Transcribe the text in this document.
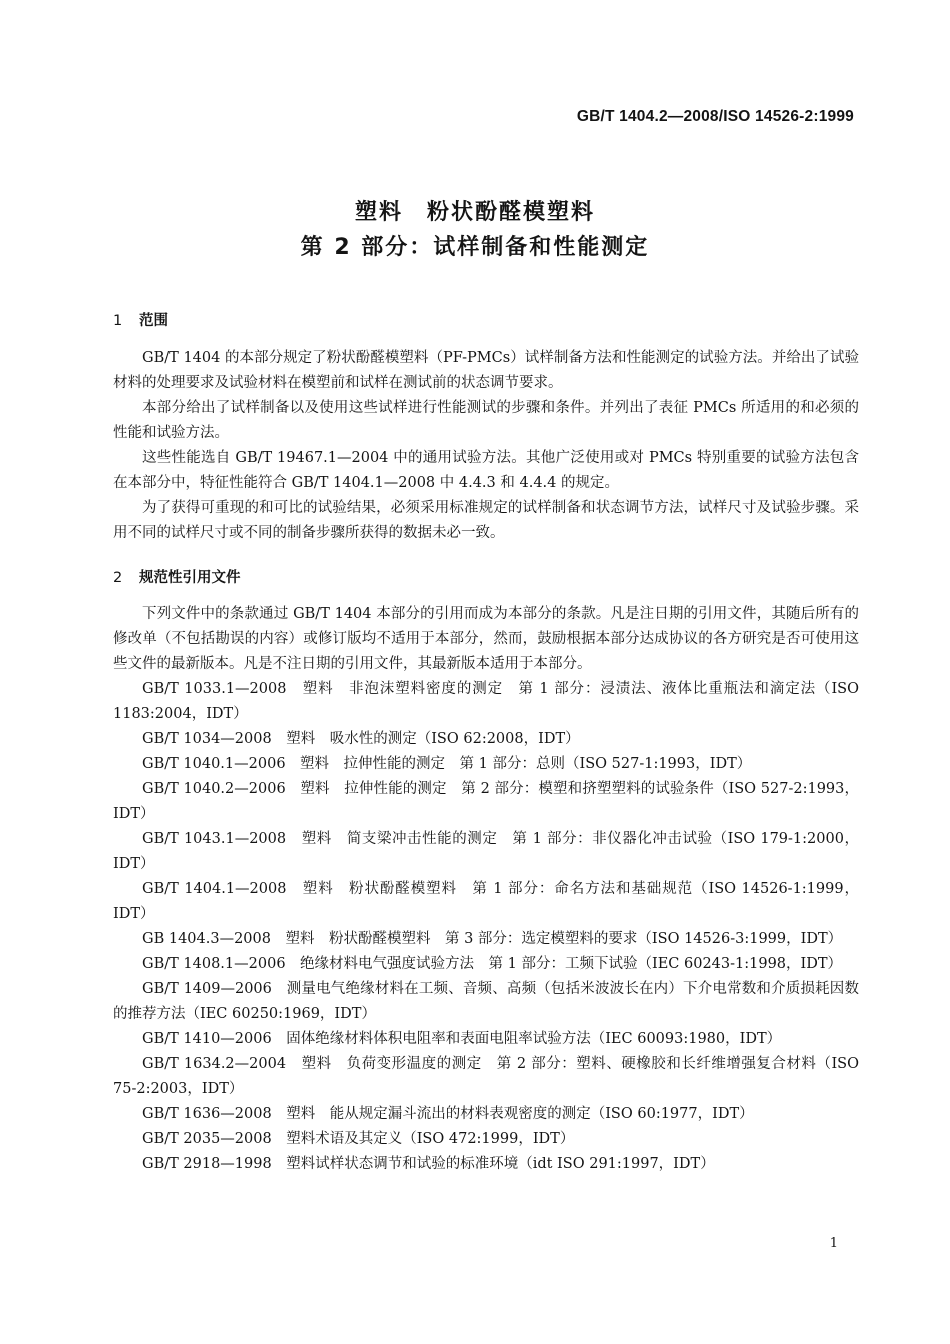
GB/T 1404.2—2008/ISO 14526-2:1999
塑料　粉状酚醛模塑料
第 2 部分：试样制备和性能测定
1 范围

GB/T 1404 的本部分规定了粉状酚醛模塑料（PF-PMCs）试样制备方法和性能测定的试验方法。并给出了试验材料的处理要求及试验材料在模塑前和试样在测试前的状态调节要求。

本部分给出了试样制备以及使用这些试样进行性能测试的步骤和条件。并列出了表征 PMCs 所适用的和必须的性能和试验方法。

这些性能选自 GB/T 19467.1—2004 中的通用试验方法。其他广泛使用或对 PMCs 特别重要的试验方法包含在本部分中，特征性能符合 GB/T 1404.1—2008 中 4.4.3 和 4.4.4 的规定。

为了获得可重现的和可比的试验结果，必须采用标准规定的试样制备和状态调节方法，试样尺寸及试验步骤。采用不同的试样尺寸或不同的制备步骤所获得的数据未必一致。

2 规范性引用文件

下列文件中的条款通过 GB/T 1404 本部分的引用而成为本部分的条款。凡是注日期的引用文件，其随后所有的修改单（不包括勘误的内容）或修订版均不适用于本部分，然而，鼓励根据本部分达成协议的各方研究是否可使用这些文件的最新版本。凡是不注日期的引用文件，其最新版本适用于本部分。

GB/T 1033.1—2008　塑料　非泡沫塑料密度的测定　第 1 部分：浸渍法、液体比重瓶法和滴定法（ISO 1183:2004，IDT）

GB/T 1034—2008　塑料　吸水性的测定（ISO 62:2008，IDT）

GB/T 1040.1—2006　塑料　拉伸性能的测定　第 1 部分：总则（ISO 527-1:1993，IDT）

GB/T 1040.2—2006　塑料　拉伸性能的测定　第 2 部分：模塑和挤塑塑料的试验条件（ISO 527-2:1993，IDT）

GB/T 1043.1—2008　塑料　简支梁冲击性能的测定　第 1 部分：非仪器化冲击试验（ISO 179-1:2000，IDT）

GB/T 1404.1—2008　塑料　粉状酚醛模塑料　第 1 部分：命名方法和基础规范（ISO 14526-1:1999，IDT）

GB 1404.3—2008　塑料　粉状酚醛模塑料　第 3 部分：选定模塑料的要求（ISO 14526-3:1999，IDT）

GB/T 1408.1—2006　绝缘材料电气强度试验方法　第 1 部分：工频下试验（IEC 60243-1:1998，IDT）

GB/T 1409—2006　测量电气绝缘材料在工频、音频、高频（包括米波波长在内）下介电常数和介质损耗因数的推荐方法（IEC 60250:1969，IDT）

GB/T 1410—2006　固体绝缘材料体积电阻率和表面电阻率试验方法（IEC 60093:1980，IDT）

GB/T 1634.2—2004　塑料　负荷变形温度的测定　第 2 部分：塑料、硬橡胶和长纤维增强复合材料（ISO 75-2:2003，IDT）

GB/T 1636—2008　塑料　能从规定漏斗流出的材料表观密度的测定（ISO 60:1977，IDT）

GB/T 2035—2008　塑料术语及其定义（ISO 472:1999，IDT）

GB/T 2918—1998　塑料试样状态调节和试验的标准环境（idt ISO 291:1997，IDT）

1
